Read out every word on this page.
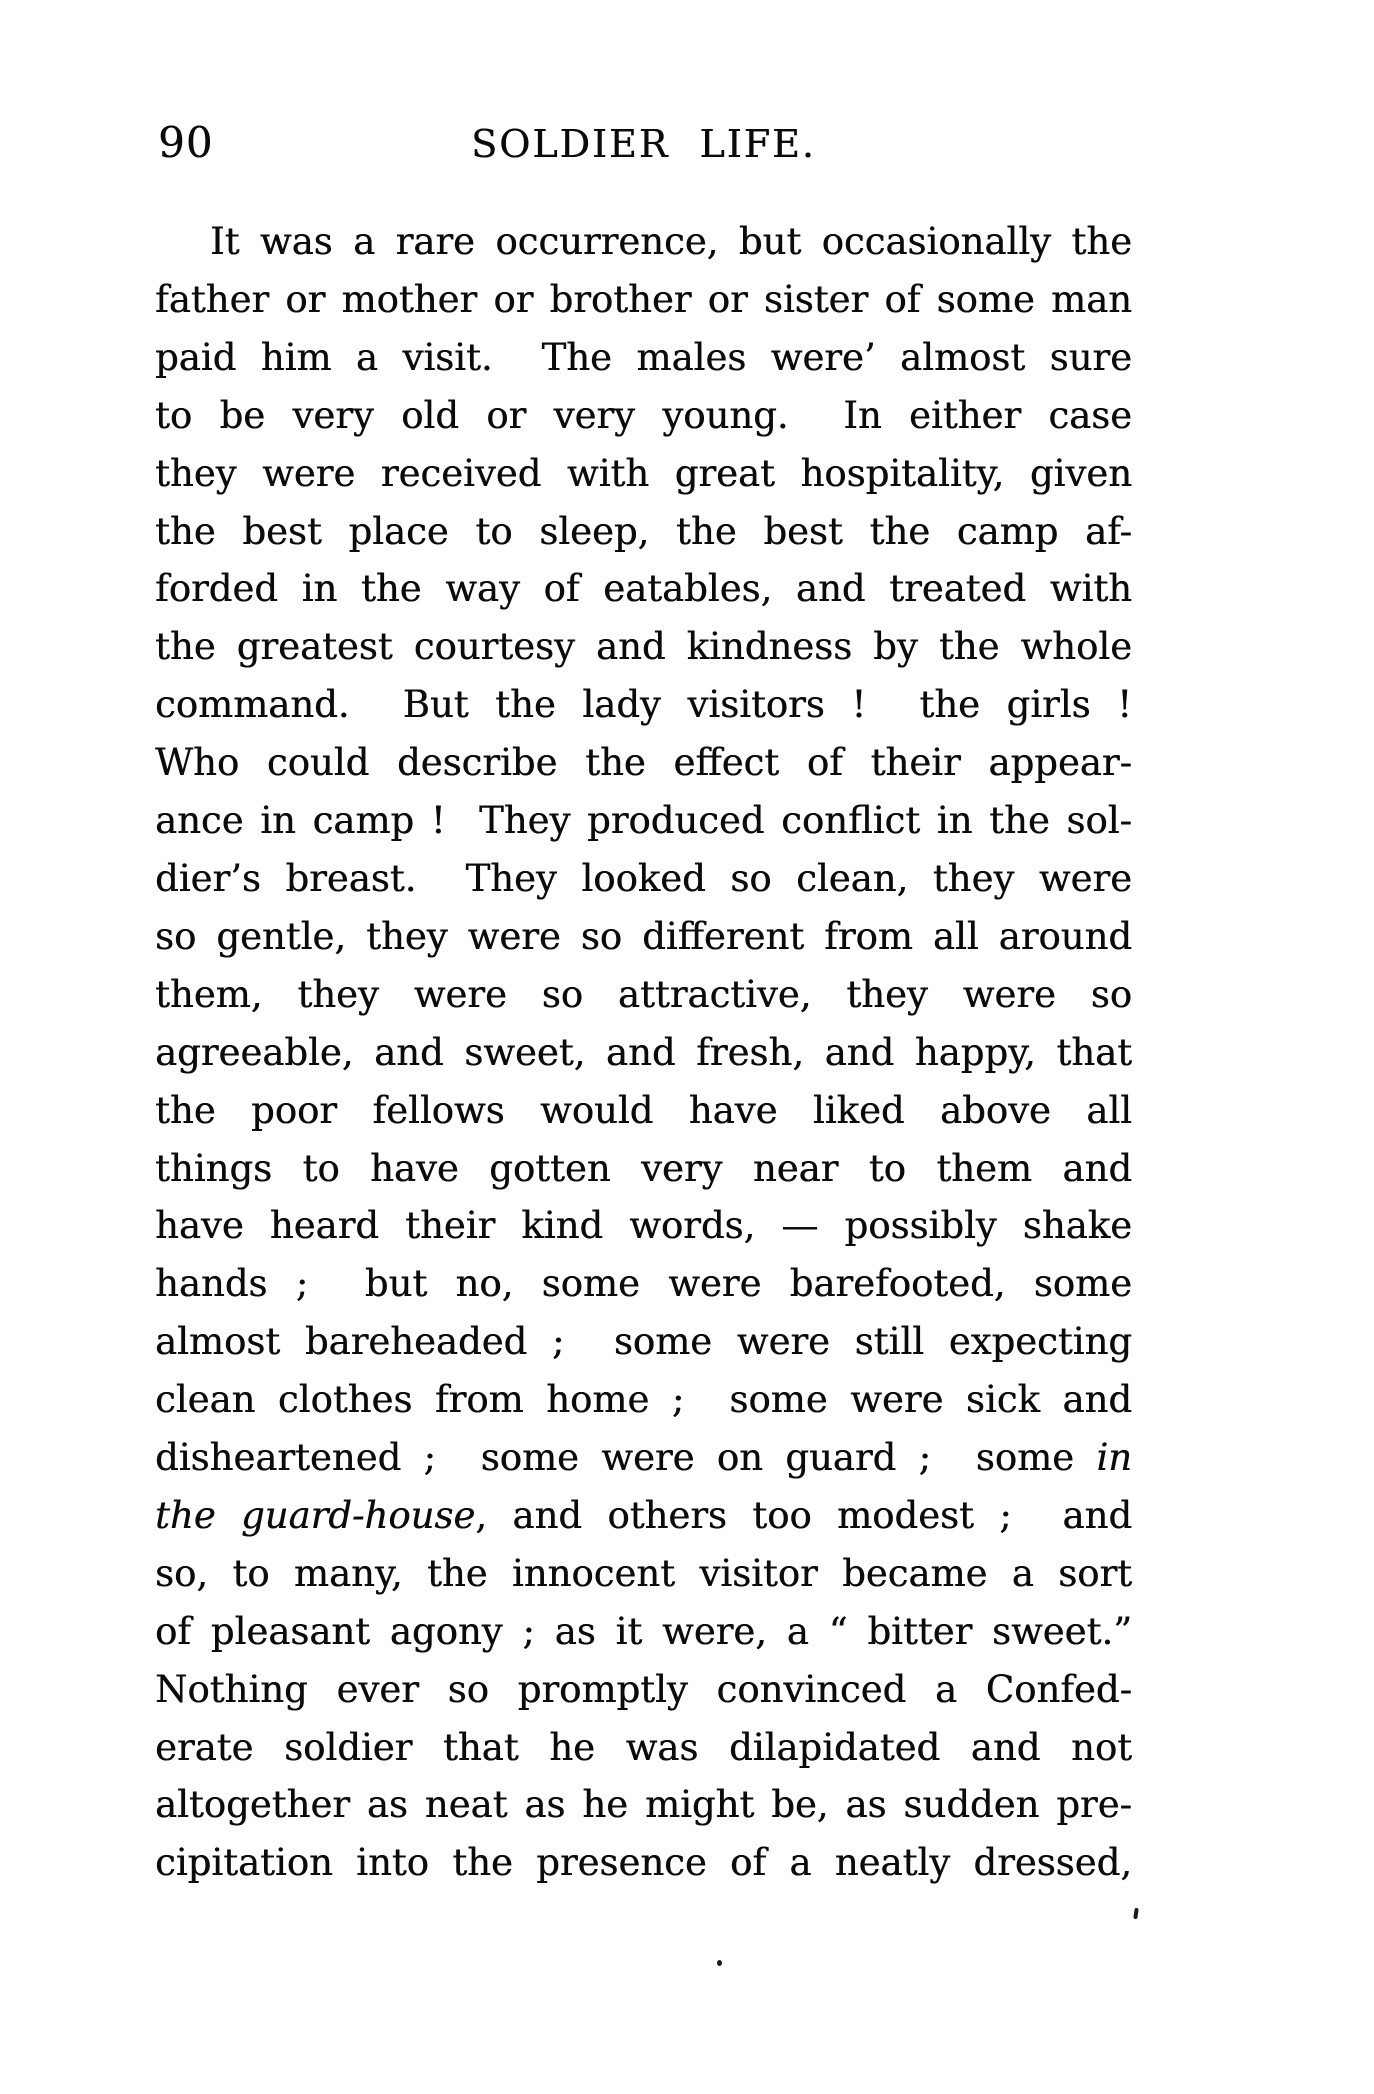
90	SOLDIER LIFE.
It was a rare occurrence, but occasionally the
father or mother or brother or sister of some man
paid him a visit.  The males were’ almost sure
to be very old or very young.  In either case
they were received with great hospitality, given
the best place to sleep, the best the camp af-
forded in the way of eatables, and treated with
the greatest courtesy and kindness by the whole
command.  But the lady visitors !  the girls !
Who could describe the effect of their appear-
ance in camp !  They produced conflict in the sol-
dier’s breast.  They looked so clean, they were
so gentle, they were so different from all around
them, they were so attractive, they were so
agreeable, and sweet, and fresh, and happy, that
the poor fellows would have liked above all
things to have gotten very near to them and
have heard their kind words, — possibly shake
hands ;  but no, some were barefooted, some
almost bareheaded ;  some were still expecting
clean clothes from home ;  some were sick and
disheartened ;  some were on guard ;  some in
the guard-house, and others too modest ;  and
so, to many, the innocent visitor became a sort
of pleasant agony ; as it were, a “ bitter sweet.”
Nothing ever so promptly convinced a Confed-
erate soldier that he was dilapidated and not
altogether as neat as he might be, as sudden pre-
cipitation into the presence of a neatly dressed,
